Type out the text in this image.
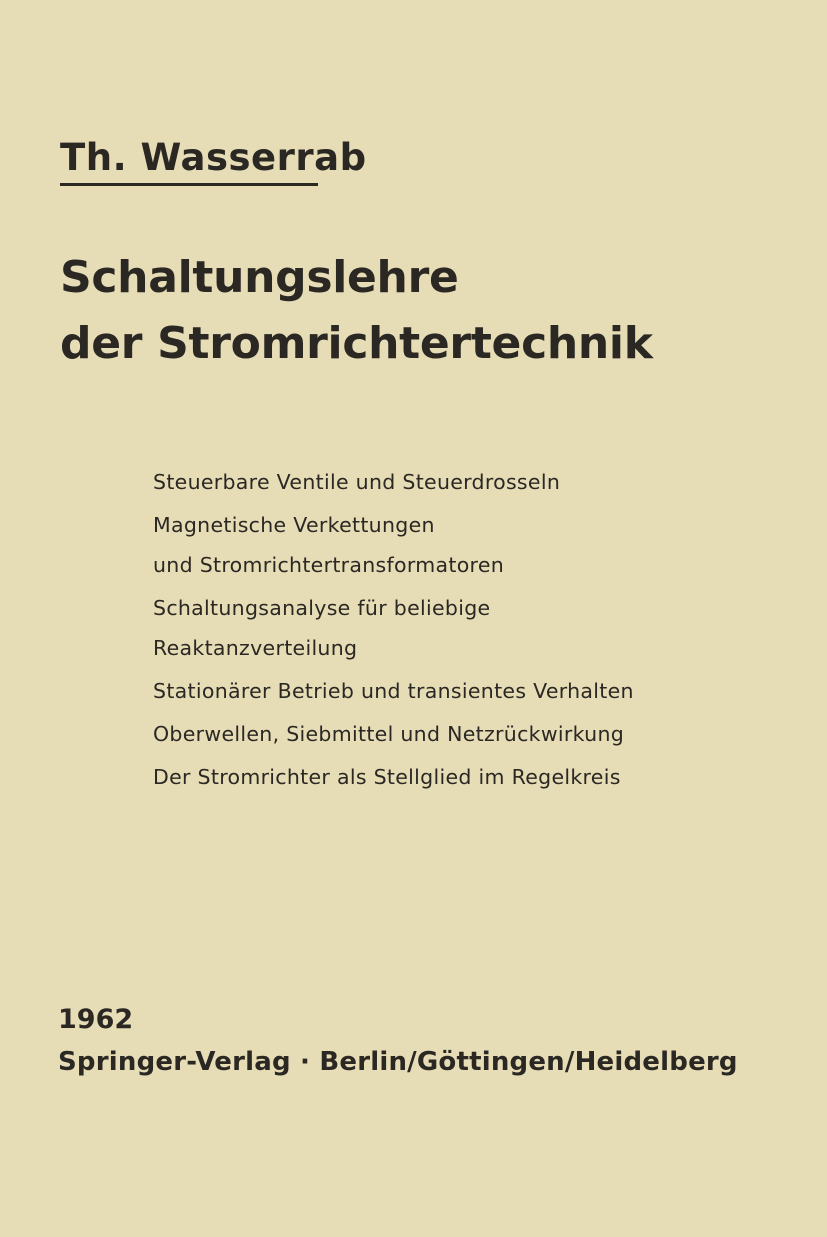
Th. Wasserrab
Schaltungslehre
der Stromrichtertechnik
Steuerbare Ventile und Steuerdrosseln
Magnetische Verkettungen
und Stromrichtertransformatoren
Schaltungsanalyse für beliebige
Reaktanzverteilung
Stationärer Betrieb und transientes Verhalten
Oberwellen, Siebmittel und Netzrückwirkung
Der Stromrichter als Stellglied im Regelkreis
1962
Springer-Verlag · Berlin/Göttingen/Heidelberg
